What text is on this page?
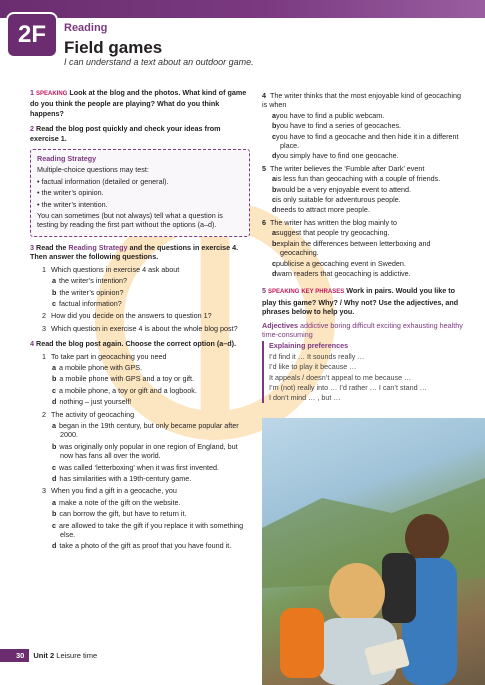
2F	Reading
Field games
I can understand a text about an outdoor game.
1 SPEAKING Look at the blog and the photos. What kind of game do you think the people are playing? What do you think happens?
2 Read the blog post quickly and check your ideas from exercise 1.
Reading Strategy

Multiple-choice questions may test:

• factual information (detailed or general).

• the writer’s opinion.

• the writer’s intention.

You can sometimes (but not always) tell what a question is testing by reading the first part without the options (a–d).

3 Read the Reading Strategy and the questions in exercise 4. Then answer the following questions.
1 Which questions in exercise 4 ask about
a the writer’s intention?
b the writer’s opinion?
c factual information?
2 How did you decide on the answers to question 1?
3 Which question in exercise 4 is about the whole blog post?
4 Read the blog post again. Choose the correct option (a–d).
1 To take part in geocaching you need
a a mobile phone with GPS.
b a mobile phone with GPS and a toy or gift.
c a mobile phone, a toy or gift and a logbook.
d nothing – just yourself!
2 The activity of geocaching
a began in the 19th century, but only became popular after 2000.
b was originally only popular in one region of England, but now has fans all over the world.
c was called ‘letterboxing’ when it was first invented.
d has similarities with a 19th-century game.
3 When you find a gift in a geocache, you
a make a note of the gift on the website.
b can borrow the gift, but have to return it.
c are allowed to take the gift if you replace it with something else.
d take a photo of the gift as proof that you have found it.
4 The writer thinks that the most enjoyable kind of geocaching is when
ayou have to find a public webcam.
byou have to find a series of geocaches.
cyou have to find a geocache and then hide it in a different place.
dyou simply have to find one geocache.
5 The writer believes the ‘Fumble after Dark’ event
ais less fun than geocaching with a couple of friends.
bwould be a very enjoyable event to attend.
cis only suitable for adventurous people.
dneeds to attract more people.
6 The writer has written the blog mainly to
asuggest that people try geocaching.
bexplain the differences between letterboxing and geocaching.
cpublicise a geocaching event in Sweden.
dwarn readers that geocaching is addictive.
5 SPEAKING KEY PHRASES Work in pairs. Would you like to play this game? Why? / Why not? Use the adjectives, and phrases below to help you.
Adjectives addictive boring difficult exciting exhausting healthy time-consuming
Explaining preferences

I’d find it … It sounds really …

I’d like to play it because …

It appeals / doesn’t appeal to me because …

I’m (not) really into … I’d rather … I can’t stand …

I don’t mind … , but …

30	Unit 2 Leisure time
